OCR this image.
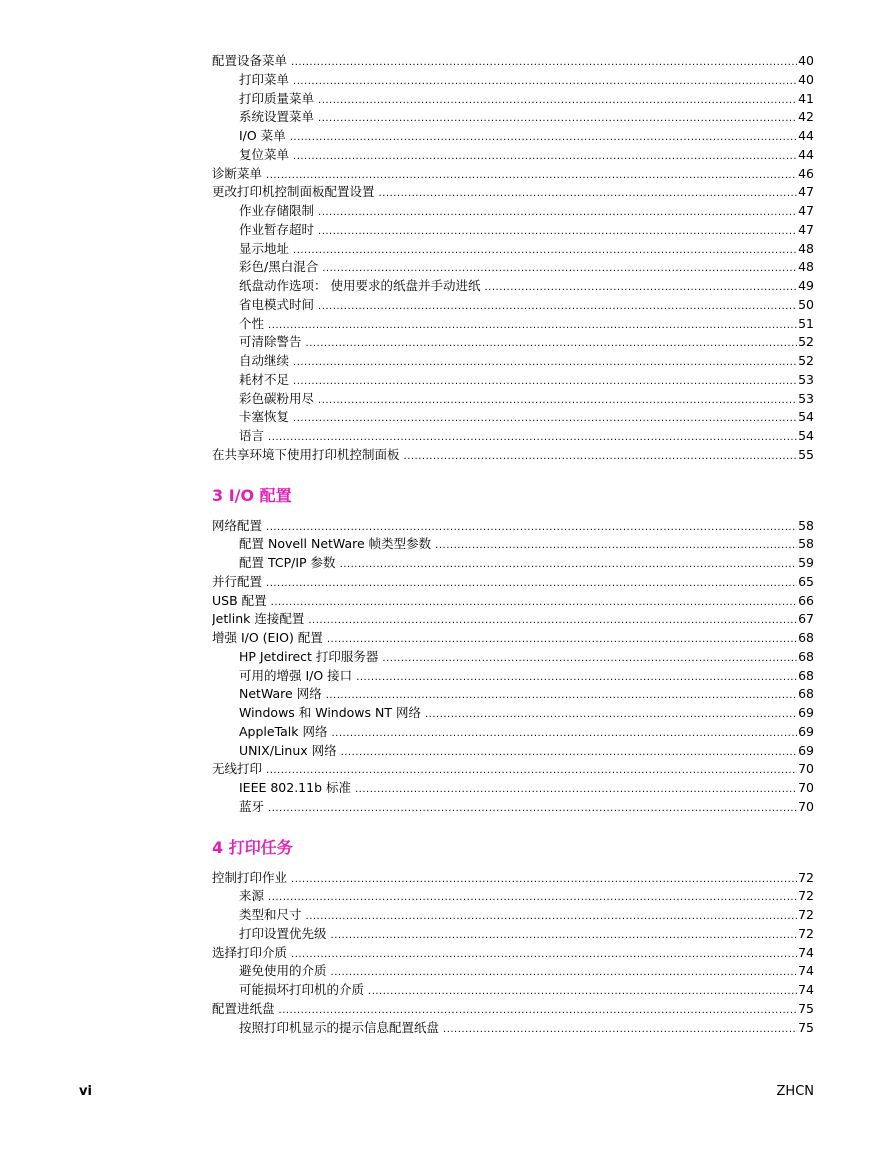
配置设备菜单 .....	40
打印菜单 .....	40
打印质量菜单 .....	41
系统设置菜单 .....	42
I/O 菜单 .....	44
复位菜单 .....	44
诊断菜单 .....	46
更改打印机控制面板配置设置 .....	47
作业存储限制 .....	47
作业暂存超时 .....	47
显示地址 .....	48
彩色/黑白混合 .....	48
纸盘动作选项： 使用要求的纸盘并手动进纸 .....	49
省电模式时间 .....	50
个性 .....	51
可清除警告 .....	52
自动继续 .....	52
耗材不足 .....	53
彩色碳粉用尽 .....	53
卡塞恢复 .....	54
语言 .....	54
在共享环境下使用打印机控制面板 .....	55
3 I/O 配置
网络配置 .....	58
配置 Novell NetWare 帧类型参数 .....	58
配置 TCP/IP 参数 .....	59
并行配置 .....	65
USB 配置 .....	66
Jetlink 连接配置 .....	67
增强 I/O (EIO) 配置 .....	68
HP Jetdirect 打印服务器 .....	68
可用的增强 I/O 接口 .....	68
NetWare 网络 .....	68
Windows 和 Windows NT 网络 .....	69
AppleTalk 网络 .....	69
UNIX/Linux 网络 .....	69
无线打印 .....	70
IEEE 802.11b 标准 .....	70
蓝牙 .....	70
4 打印任务
控制打印作业 .....	72
来源 .....	72
类型和尺寸 .....	72
打印设置优先级 .....	72
选择打印介质 .....	74
避免使用的介质 .....	74
可能损坏打印机的介质 .....	74
配置进纸盘 .....	75
按照打印机显示的提示信息配置纸盘 .....	75
vi	ZHCN
